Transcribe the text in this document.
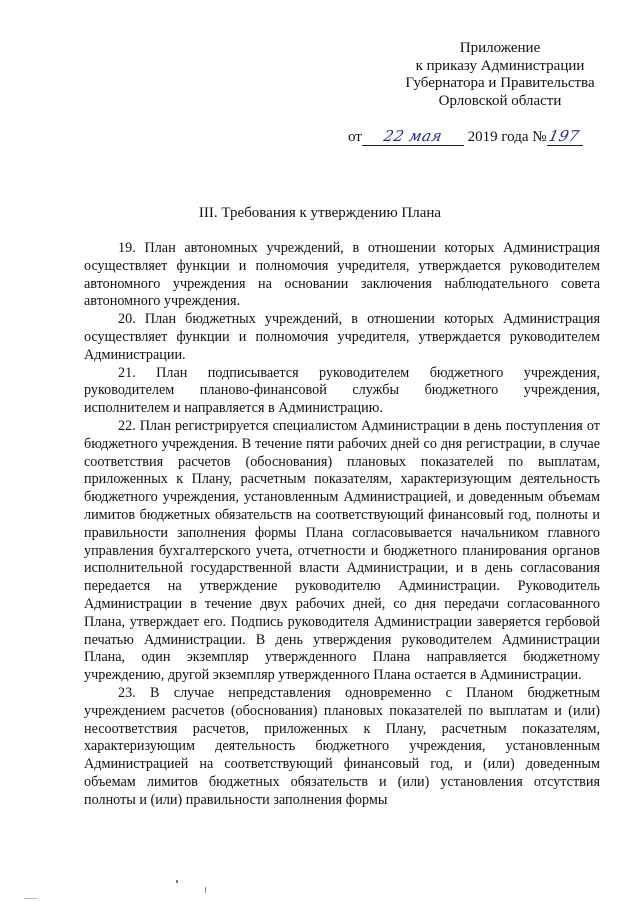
Приложение
к приказу Администрации
Губернатора и Правительства
Орловской области
от 22 мая 2019 года №197
III. Требования к утверждению Плана

19. План автономных учреждений, в отношении которых Администрация осуществляет функции и полномочия учредителя, утверждается руководителем автономного учреждения на основании заключения наблюдательного совета автономного учреждения.

20. План бюджетных учреждений, в отношении которых Администрация осуществляет функции и полномочия учредителя, утверждается руководителем Администрации.

21. План подписывается руководителем бюджетного учреждения, руководителем планово-финансовой службы бюджетного учреждения, исполнителем и направляется в Администрацию.

22. План регистрируется специалистом Администрации в день поступления от бюджетного учреждения. В течение пяти рабочих дней со дня регистрации, в случае соответствия расчетов (обоснования) плановых показателей по выплатам, приложенных к Плану, расчетным показателям, характеризующим деятельность бюджетного учреждения, установленным Администрацией, и доведенным объемам лимитов бюджетных обязательств на соответствующий финансовый год, полноты и правильности заполнения формы Плана согласовывается начальником главного управления бухгалтерского учета, отчетности и бюджетного планирования органов исполнительной государственной власти Администрации, и в день согласования передается на утверждение руководителю Администрации. Руководитель Администрации в течение двух рабочих дней, со дня передачи согласованного Плана, утверждает его. Подпись руководителя Администрации заверяется гербовой печатью Администрации. В день утверждения руководителем Администрации Плана, один экземпляр утвержденного Плана направляется бюджетному учреждению, другой экземпляр утвержденного Плана остается в Администрации.

23. В случае непредставления одновременно с Планом бюджетным учреждением расчетов (обоснования) плановых показателей по выплатам и (или) несоответствия расчетов, приложенных к Плану, расчетным показателям, характеризующим деятельность бюджетного учреждения, установленным Администрацией на соответствующий финансовый год, и (или) доведенным объемам лимитов бюджетных обязательств и (или) установления отсутствия полноты и (или) правильности заполнения формы
